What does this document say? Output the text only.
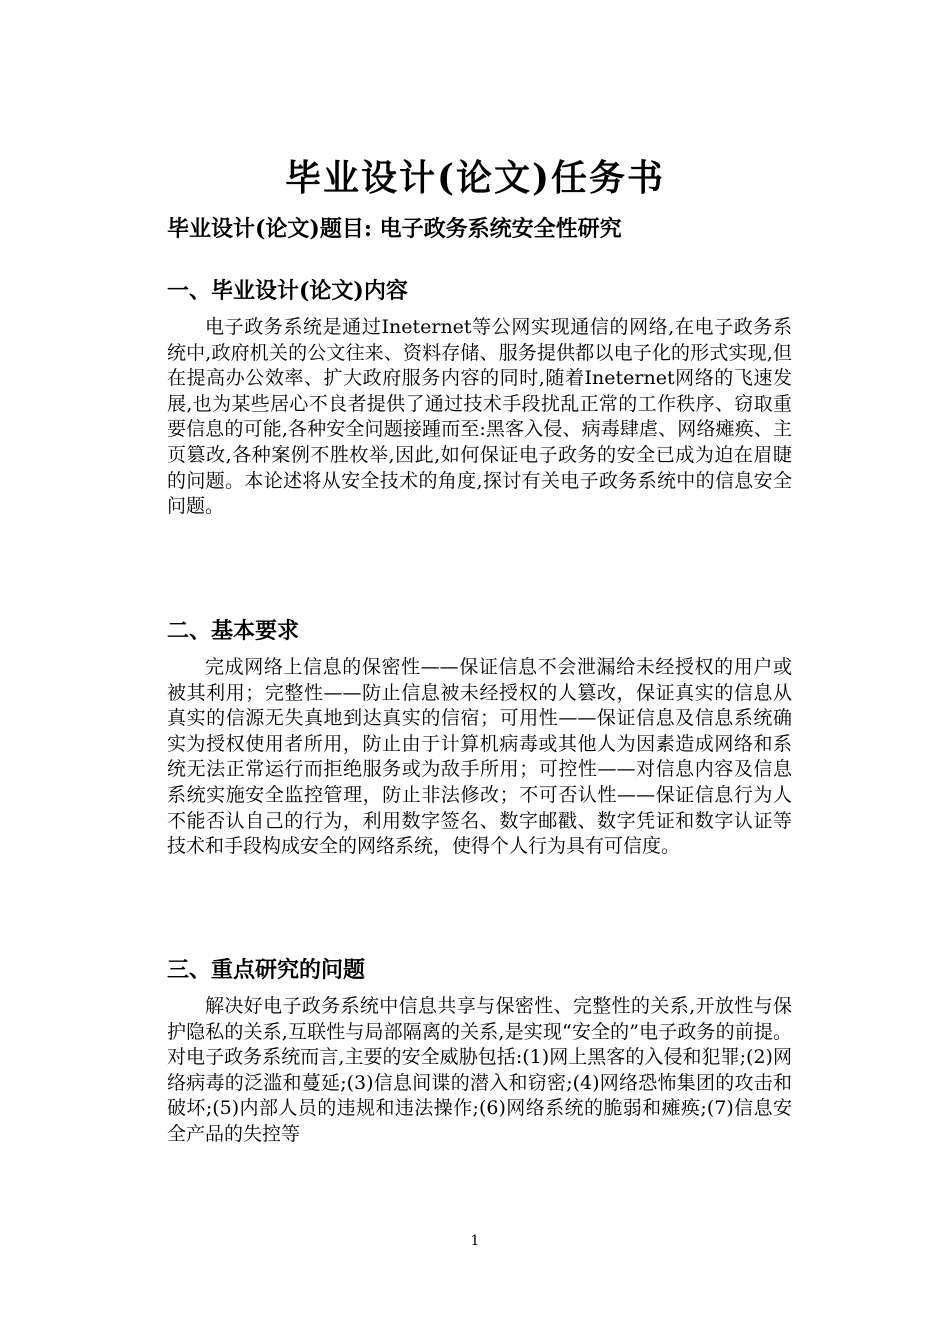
毕业设计(论文)任务书
毕业设计(论文)题目: 电子政务系统安全性研究
一、毕业设计(论文)内容

电子政务系统是通过Ineternet等公网实现通信的网络,在电子政务系统中,政府机关的公文往来、资料存储、服务提供都以电子化的形式实现,但在提高办公效率、扩大政府服务内容的同时,随着Ineternet网络的飞速发展,也为某些居心不良者提供了通过技术手段扰乱正常的工作秩序、窃取重要信息的可能,各种安全问题接踵而至:黑客入侵、病毒肆虐、网络瘫痪、主页篡改,各种案例不胜枚举,因此,如何保证电子政务的安全已成为迫在眉睫的问题。本论述将从安全技术的角度,探讨有关电子政务系统中的信息安全问题。

二、基本要求

完成网络上信息的保密性——保证信息不会泄漏给未经授权的用户或被其利用；完整性——防止信息被未经授权的人篡改，保证真实的信息从真实的信源无失真地到达真实的信宿；可用性——保证信息及信息系统确实为授权使用者所用，防止由于计算机病毒或其他人为因素造成网络和系统无法正常运行而拒绝服务或为敌手所用；可控性——对信息内容及信息系统实施安全监控管理，防止非法修改；不可否认性——保证信息行为人不能否认自己的行为，利用数字签名、数字邮戳、数字凭证和数字认证等技术和手段构成安全的网络系统，使得个人行为具有可信度。

三、重点研究的问题

解决好电子政务系统中信息共享与保密性、完整性的关系,开放性与保护隐私的关系,互联性与局部隔离的关系,是实现“安全的”电子政务的前提。对电子政务系统而言,主要的安全威胁包括:(1)网上黑客的入侵和犯罪;(2)网络病毒的泛滥和蔓延;(3)信息间谍的潜入和窃密;(4)网络恐怖集团的攻击和破坏;(5)内部人员的违规和违法操作;(6)网络系统的脆弱和瘫痪;(7)信息安全产品的失控等

1
